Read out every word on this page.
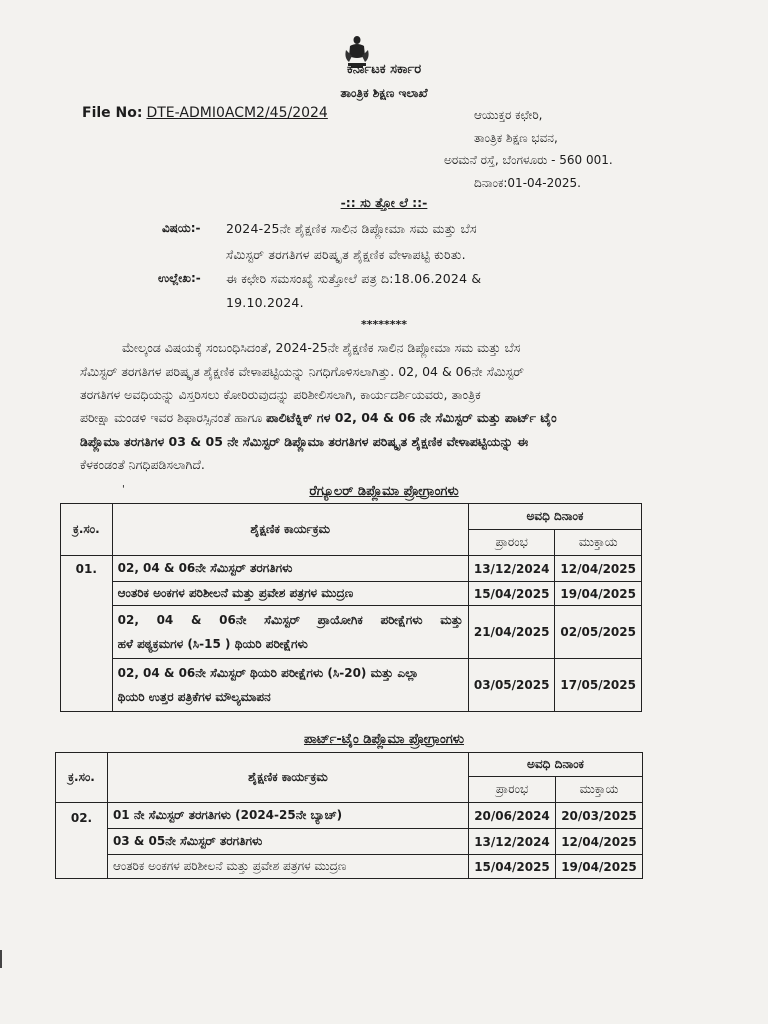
ಕರ್ನಾಟಕ ಸರ್ಕಾರ
ತಾಂತ್ರಿಕ ಶಿಕ್ಷಣ ಇಲಾಖೆ
File No: DTE-ADMI0ACM2/45/2024	ಆಯುಕ್ತರ ಕಛೇರಿ,
ತಾಂತ್ರಿಕ ಶಿಕ್ಷಣ ಭವನ,
ಅರಮನೆ ರಸ್ತೆ, ಬೆಂಗಳೂರು - 560 001.
ದಿನಾಂಕ:01-04-2025.
-:: ಸು ತ್ತೋ ಲೆ ::-
ವಿಷಯ:- 2024-25ನೇ ಶೈಕ್ಷಣಿಕ ಸಾಲಿನ ಡಿಪ್ಲೋಮಾ ಸಮ ಮತ್ತು ಬೆಸ
ಸೆಮಿಸ್ಟರ್ ತರಗತಿಗಳ ಪರಿಷ್ಕೃತ ಶೈಕ್ಷಣಿಕ ವೇಳಾಪಟ್ಟಿ ಕುರಿತು.
ಉಲ್ಲೇಖ:- ಈ ಕಛೇರಿ ಸಮಸಂಖ್ಯೆ ಸುತ್ತೋಲೆ ಪತ್ರ ದಿ:18.06.2024 &
19.10.2024.
********
ಮೇಲ್ಕಂಡ ವಿಷಯಕ್ಕೆ ಸಂಬಂಧಿಸಿದಂತೆ, 2024-25ನೇ ಶೈಕ್ಷಣಿಕ ಸಾಲಿನ ಡಿಪ್ಲೋಮಾ ಸಮ ಮತ್ತು ಬೆಸ
ಸೆಮಿಸ್ಟರ್ ತರಗತಿಗಳ ಪರಿಷ್ಕೃತ ಶೈಕ್ಷಣಿಕ ವೇಳಾಪಟ್ಟಿಯನ್ನು ನಿಗಧಿಗೊಳಿಸಲಾಗಿತ್ತು. 02, 04 & 06ನೇ ಸೆಮಿಸ್ಟರ್
ತರಗತಿಗಳ ಅವಧಿಯನ್ನು ವಿಸ್ತರಿಸಲು ಕೋರಿರುವುದನ್ನು ಪರಿಶೀಲಿಸಲಾಗಿ, ಕಾರ್ಯದರ್ಶಿಯವರು, ತಾಂತ್ರಿಕ
ಪರೀಕ್ಷಾ ಮಂಡಳಿ ಇವರ ಶಿಫಾರಸ್ಸಿನಂತೆ ಹಾಗೂ ಪಾಲಿಟೆಕ್ನಿಕ್ ಗಳ 02, 04 & 06 ನೇ ಸೆಮಿಸ್ಟರ್ ಮತ್ತು ಪಾರ್ಟ್ ಟೈಂ
ಡಿಪ್ಲೊಮಾ ತರಗತಿಗಳ 03 & 05 ನೇ ಸೆಮಿಸ್ಟರ್ ಡಿಪ್ಲೊಮಾ ತರಗತಿಗಳ ಪರಿಷ್ಕೃತ ಶೈಕ್ಷಣಿಕ ವೇಳಾಪಟ್ಟಿಯನ್ನು ಈ
ಕೆಳಕಂಡಂತೆ ನಿಗಧಿಪಡಿಸಲಾಗಿದೆ.
ರೆಗ್ಯೂಲರ್ ಡಿಪ್ಲೊಮಾ ಪ್ರೋಗ್ರಾಂಗಳು
'
ಕ್ರ.ಸಂ.	ಶೈಕ್ಷಣಿಕ ಕಾರ್ಯಕ್ರಮ	ಅವಧಿ ದಿನಾಂಕ	
		ಪ್ರಾರಂಭ	ಮುಕ್ತಾಯ
01.	02, 04 & 06ನೇ ಸೆಮಿಸ್ಟರ್ ತರಗತಿಗಳು	13/12/2024	12/04/2025
	ಆಂತರಿಕ ಅಂಕಗಳ ಪರಿಶೀಲನೆ ಮತ್ತು ಪ್ರವೇಶ ಪತ್ರಗಳ ಮುದ್ರಣ	15/04/2025	19/04/2025

	02, 04 & 06ನೇ ಸೆಮಿಸ್ಟರ್ ಪ್ರಾಯೋಗಿಕ ಪರೀಕ್ಷೆಗಳು ಮತ್ತು
ಹಳೆ ಪಠ್ಯಕ್ರಮಗಳ (ಸಿ-15 ) ಥಿಯರಿ ಪರೀಕ್ಷೆಗಳು	21/04/2025	02/05/2025

	02, 04 & 06ನೇ ಸೆಮಿಸ್ಟರ್ ಥಿಯರಿ ಪರೀಕ್ಷೆಗಳು (ಸಿ-20) ಮತ್ತು ಎಲ್ಲಾ
ಥಿಯರಿ ಉತ್ತರ ಪತ್ರಿಕೆಗಳ ಮೌಲ್ಯಮಾಪನ	03/05/2025	17/05/2025
ಪಾರ್ಟ್-ಟೈಂ ಡಿಪ್ಲೊಮಾ ಪ್ರೋಗ್ರಾಂಗಳು
ಕ್ರ.ಸಂ.	ಶೈಕ್ಷಣಿಕ ಕಾರ್ಯಕ್ರಮ	ಅವಧಿ ದಿನಾಂಕ	
		ಪ್ರಾರಂಭ	ಮುಕ್ತಾಯ
02.	01 ನೇ ಸೆಮಿಸ್ಟರ್ ತರಗತಿಗಳು (2024-25ನೇ ಬ್ಯಾಚ್)	20/06/2024	20/03/2025
	03 & 05ನೇ ಸೆಮಿಸ್ಟರ್ ತರಗತಿಗಳು	13/12/2024	12/04/2025
	ಆಂತರಿಕ ಅಂಕಗಳ ಪರಿಶೀಲನೆ ಮತ್ತು ಪ್ರವೇಶ ಪತ್ರಗಳ ಮುದ್ರಣ	15/04/2025	19/04/2025
